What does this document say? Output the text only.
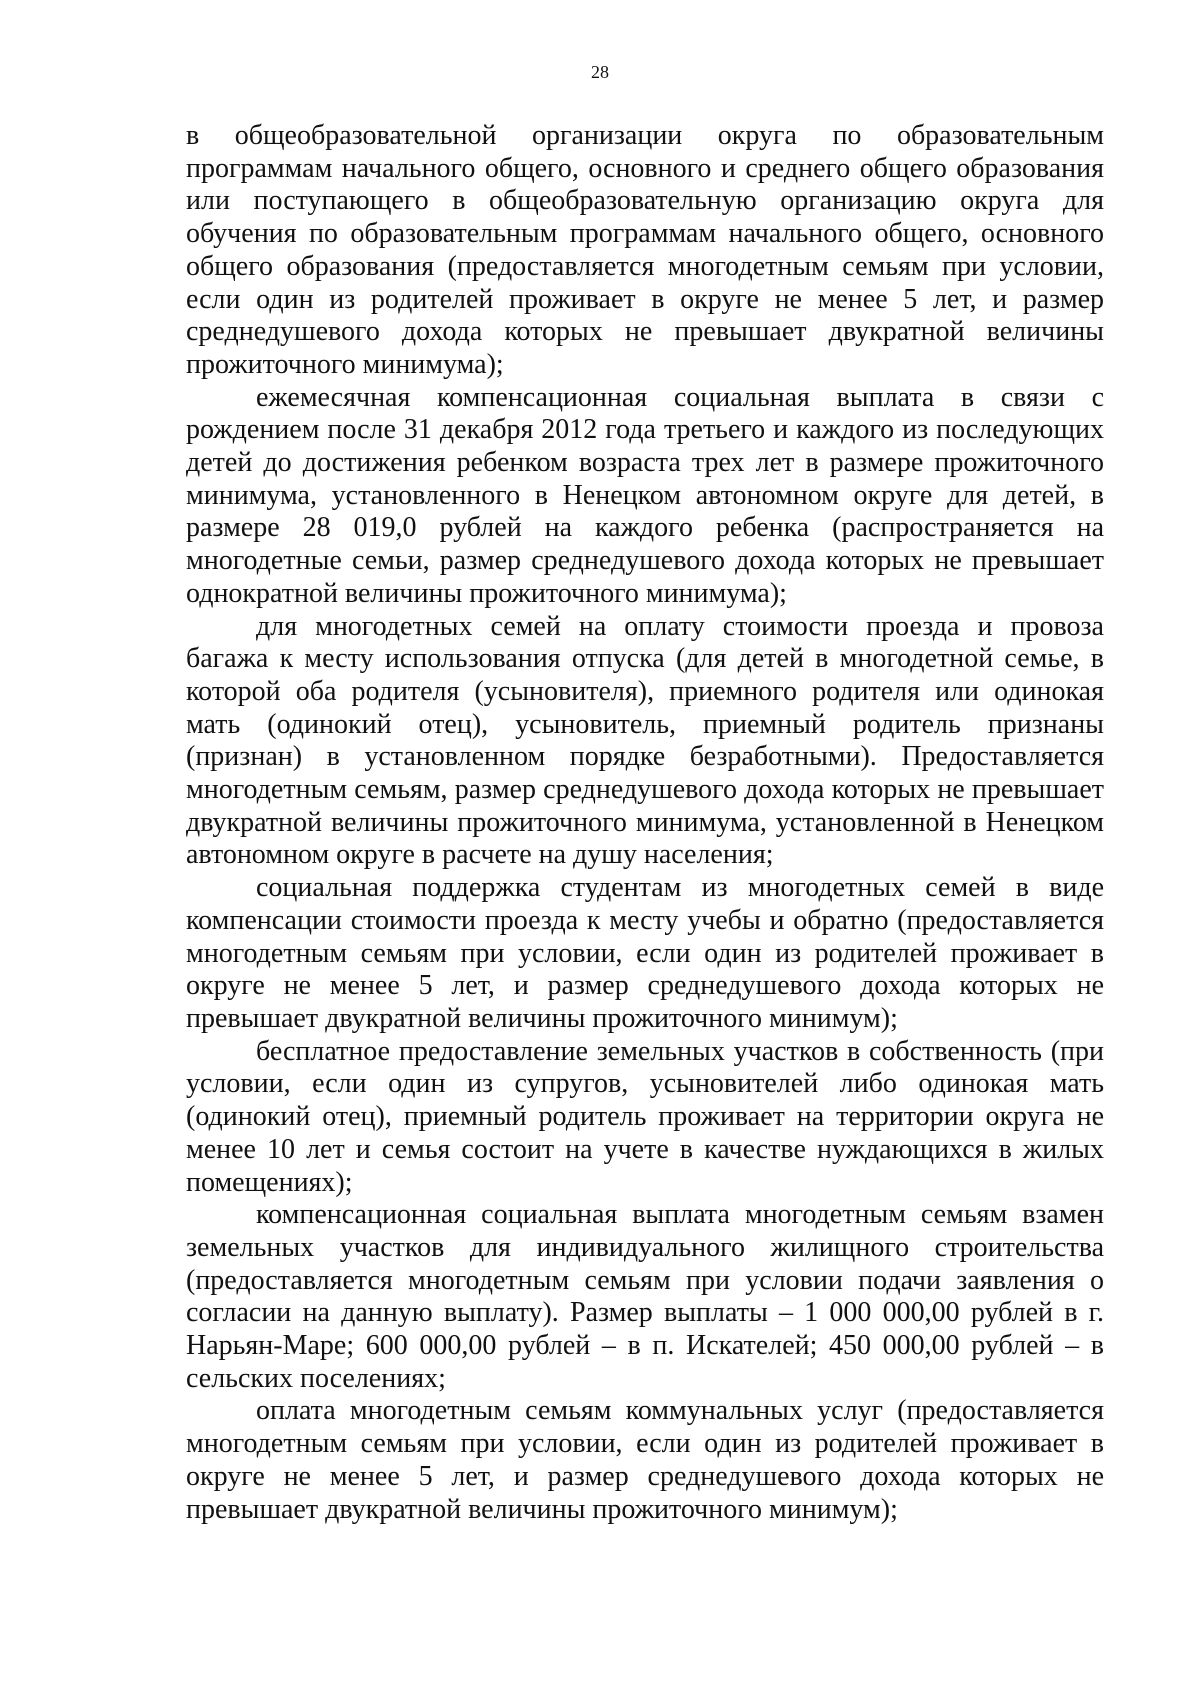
28

в общеобразовательной организации округа по образовательным программам начального общего, основного и среднего общего образования или поступающего в общеобразовательную организацию округа для обучения по образовательным программам начального общего, основного общего образования (предоставляется многодетным семьям при условии, если один из родителей проживает в округе не менее 5 лет, и размер среднедушевого дохода которых не превышает двукратной величины прожиточного минимума);

ежемесячная компенсационная социальная выплата в связи с рождением после 31 декабря 2012 года третьего и каждого из последующих детей до достижения ребенком возраста трех лет в размере прожиточного минимума, установленного в Ненецком автономном округе для детей, в размере 28 019,0 рублей на каждого ребенка (распространяется на многодетные семьи, размер среднедушевого дохода которых не превышает однократной величины прожиточного минимума);

для многодетных семей на оплату стоимости проезда и провоза багажа к месту использования отпуска (для детей в многодетной семье, в которой оба родителя (усыновителя), приемного родителя или одинокая мать (одинокий отец), усыновитель, приемный родитель признаны (признан) в установленном порядке безработными). Предоставляется многодетным семьям, размер среднедушевого дохода которых не превышает двукратной величины прожиточного минимума, установленной в Ненецком автономном округе в расчете на душу населения;

социальная поддержка студентам из многодетных семей в виде компенсации стоимости проезда к месту учебы и обратно (предоставляется многодетным семьям при условии, если один из родителей проживает в округе не менее 5 лет, и размер среднедушевого дохода которых не превышает двукратной величины прожиточного минимум);

бесплатное предоставление земельных участков в собственность (при условии, если один из супругов, усыновителей либо одинокая мать (одинокий отец), приемный родитель проживает на территории округа не менее 10 лет и семья состоит на учете в качестве нуждающихся в жилых помещениях);

компенсационная социальная выплата многодетным семьям взамен земельных участков для индивидуального жилищного строительства (предоставляется многодетным семьям при условии подачи заявления о согласии на данную выплату). Размер выплаты – 1 000 000,00 рублей в г. Нарьян-Маре; 600 000,00 рублей – в п. Искателей; 450 000,00 рублей – в сельских поселениях;

оплата многодетным семьям коммунальных услуг (предоставляется многодетным семьям при условии, если один из родителей проживает в округе не менее 5 лет, и размер среднедушевого дохода которых не превышает двукратной величины прожиточного минимум);
